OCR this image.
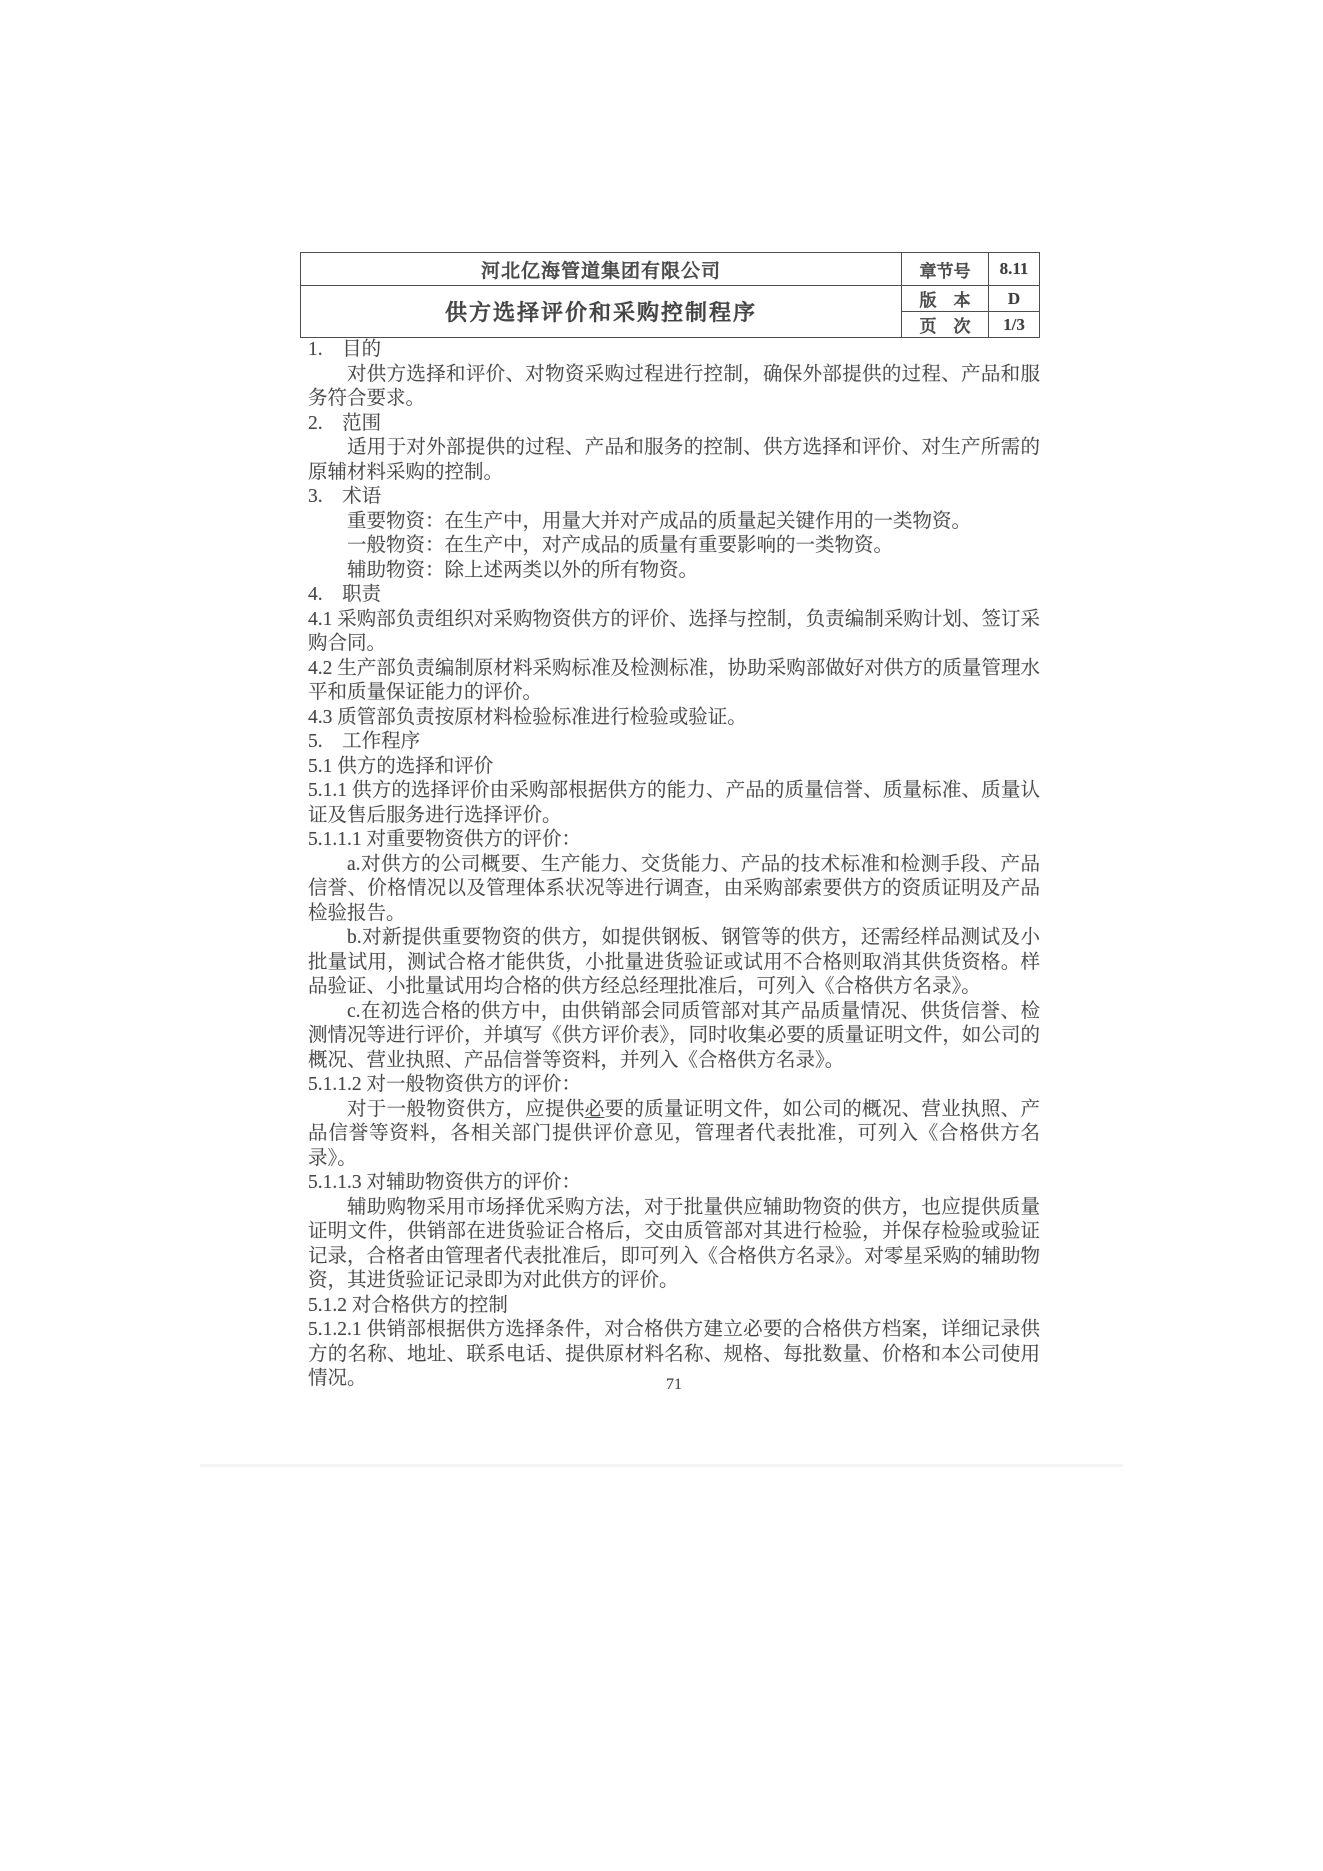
河北亿海管道集团有限公司	章节号	8.11
供方选择评价和采购控制程序	版　本	D
	页　次	1/3

1.　目的

对供方选择和评价、对物资采购过程进行控制，确保外部提供的过程、产品和服务符合要求。

2.　范围

适用于对外部提供的过程、产品和服务的控制、供方选择和评价、对生产所需的原辅材料采购的控制。

3.　术语

重要物资：在生产中，用量大并对产成品的质量起关键作用的一类物资。

一般物资：在生产中，对产成品的质量有重要影响的一类物资。

辅助物资：除上述两类以外的所有物资。

4.　职责

4.1 采购部负责组织对采购物资供方的评价、选择与控制，负责编制采购计划、签订采购合同。

4.2 生产部负责编制原材料采购标准及检测标准，协助采购部做好对供方的质量管理水平和质量保证能力的评价。

4.3 质管部负责按原材料检验标准进行检验或验证。

5.　工作程序

5.1 供方的选择和评价

5.1.1 供方的选择评价由采购部根据供方的能力、产品的质量信誉、质量标准、质量认证及售后服务进行选择评价。

5.1.1.1 对重要物资供方的评价：

a.对供方的公司概要、生产能力、交货能力、产品的技术标准和检测手段、产品信誉、价格情况以及管理体系状况等进行调查，由采购部索要供方的资质证明及产品检验报告。

b.对新提供重要物资的供方，如提供钢板、钢管等的供方，还需经样品测试及小批量试用，测试合格才能供货，小批量进货验证或试用不合格则取消其供货资格。样品验证、小批量试用均合格的供方经总经理批准后，可列入《合格供方名录》。

c.在初选合格的供方中，由供销部会同质管部对其产品质量情况、供货信誉、检测情况等进行评价，并填写《供方评价表》，同时收集必要的质量证明文件，如公司的概况、营业执照、产品信誉等资料，并列入《合格供方名录》。

5.1.1.2 对一般物资供方的评价：

对于一般物资供方，应提供必要的质量证明文件，如公司的概况、营业执照、产品信誉等资料，各相关部门提供评价意见，管理者代表批准，可列入《合格供方名录》。

5.1.1.3 对辅助物资供方的评价：

辅助购物采用市场择优采购方法，对于批量供应辅助物资的供方，也应提供质量证明文件，供销部在进货验证合格后，交由质管部对其进行检验，并保存检验或验证记录，合格者由管理者代表批准后，即可列入《合格供方名录》。对零星采购的辅助物资，其进货验证记录即为对此供方的评价。

5.1.2 对合格供方的控制

5.1.2.1 供销部根据供方选择条件，对合格供方建立必要的合格供方档案，详细记录供方的名称、地址、联系电话、提供原材料名称、规格、每批数量、价格和本公司使用情况。	71
